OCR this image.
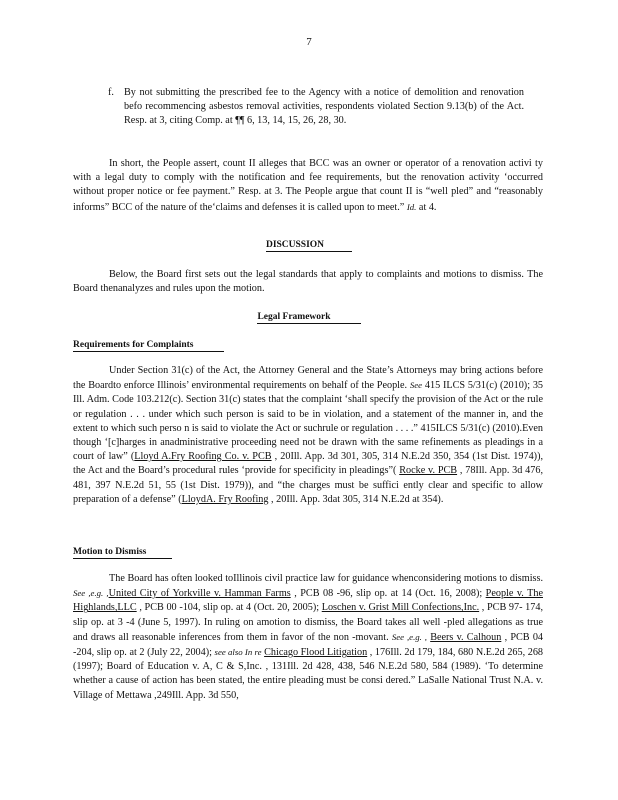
7
f. By not submitting the prescribed fee to the Agency with a notice of demolition and renovation befo recommencing asbestos removal activities, respondents violated Section 9.13(b) of the Act. Resp. at 3, citing Comp. at ¶¶ 6, 13, 14, 15, 26, 28, 30.

In short, the People assert, count II alleges that BCC was an owner or operator of a renovation activi ty with a legal duty to comply with the notification and fee requirements, but the renovation activity ‘occurred without proper notice or fee payment.” Resp. at 3. The People argue that count II is “well pled” and “reasonably informs” BCC of the nature of the‘claims and defenses it is called upon to meet.” Id. at 4.

DISCUSSION

Below, the Board first sets out the legal standards that apply to complaints and motions to dismiss. The Board thenanalyzes and rules upon the motion.

Legal Framework
Requirements for Complaints

Under Section 31(c) of the Act, the Attorney General and the State’s Attorneys may bring actions before the Boardto enforce Illinois’ environmental requirements on behalf of the People. See 415 ILCS 5/31(c) (2010); 35 Ill. Adm. Code 103.212(c). Section 31(c) states that the complaint ‘shall specify the provision of the Act or the rule or regulation . . . under which such person is said to be in violation, and a statement of the manner in, and the extent to which such perso n is said to violate the Act or suchrule or regulation . . . .” 415ILCS 5/31(c) (2010).Even though ‘[c]harges in anadministrative proceeding need not be drawn with the same refinements as pleadings in a court of law” (Lloyd A.Fry Roofing Co. v. PCB , 20Ill. App. 3d 301, 305, 314 N.E.2d 350, 354 (1st Dist. 1974)), the Act and the Board’s procedural rules ‘provide for specificity in pleadings”( Rocke v. PCB , 78Ill. App. 3d 476, 481, 397 N.E.2d 51, 55 (1st Dist. 1979)), and “the charges must be suffici ently clear and specific to allow preparation of a defense” (LloydA. Fry Roofing , 20Ill. App. 3dat 305, 314 N.E.2d at 354).

Motion to Dismiss

The Board has often looked toIllinois civil practice law for guidance whenconsidering motions to dismiss. See ,e.g. ,United City of Yorkville v. Hamman Farms , PCB 08 -96, slip op. at 14 (Oct. 16, 2008); People v. The Highlands,LLC , PCB 00 -104, slip op. at 4 (Oct. 20, 2005); Loschen v. Grist Mill Confections,Inc. , PCB 97- 174, slip op. at 3 -4 (June 5, 1997). In ruling on amotion to dismiss, the Board takes all well -pled allegations as true and draws all reasonable inferences from them in favor of the non -movant. See ,e.g. , Beers v. Calhoun , PCB 04 -204, slip op. at 2 (July 22, 2004); see also In re Chicago Flood Litigation , 176Ill. 2d 179, 184, 680 N.E.2d 265, 268 (1997); Board of Education v. A, C & S,Inc. , 131Ill. 2d 428, 438, 546 N.E.2d 580, 584 (1989). ‘To determine whether a cause of action has been stated, the entire pleading must be consi dered.” LaSalle National Trust N.A. v. Village of Mettawa ,249Ill. App. 3d 550,
